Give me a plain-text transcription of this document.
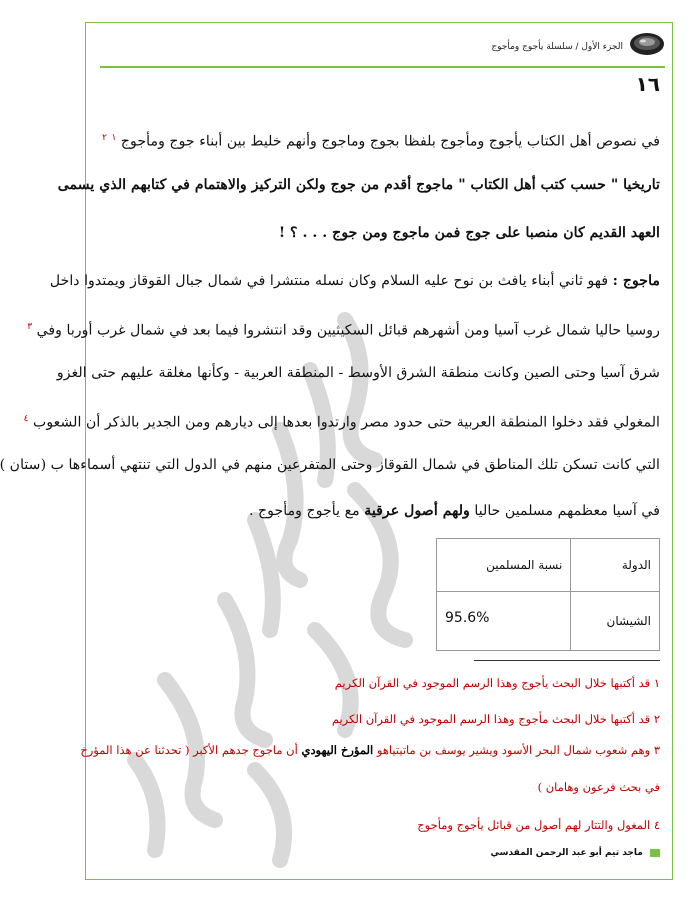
الجزء الأول / سلسلة يأجوج ومأجوج
١٦

في نصوص أهل الكتاب يأجوج ومأجوج بلفظا بجوج وماجوج وأنهم خليط بين أبناء جوج ومأجوج $^١$ $^٢$

تاريخيا " حسب كتب أهل الكتاب " ماجوج أقدم من جوج ولكن التركيز والاهتمام في كتابهم الذي يسمى

العهد القديم كان منصبا على جوج فمن ماجوج ومن جوج . . . ؟ !

ماجوج : فهو ثاني أبناء يافث بن نوح عليه السلام وكان نسله منتشرا في شمال جبال القوقاز ويمتدوا داخل

روسيا حاليا شمال غرب آسيا ومن أشهرهم قبائل السكيثيين وقد انتشروا فيما بعد في شمال غرب أوربا وفي $^٣$

شرق آسيا وحتى الصين وكانت منطقة الشرق الأوسط - المنطقة العربية - وكأنها مغلقة عليهم حتى الغزو

المغولي فقد دخلوا المنطقة العربية حتى حدود مصر وارتدوا بعدها إلى ديارهم ومن الجدير بالذكر أن الشعوب $^٤$

التي كانت تسكن تلك المناطق في شمال القوقاز وحتى المتفرعين منهم في الدول التي تنتهي أسماءها ب (ستان )

في آسيا معظمهم مسلمين حاليا ولهم أصول عرقية مع يأجوج ومأجوج .

الدولة	نسبة المسلمين
الشيشان	95.6%
١ قد أكتبها خلال البحث يأجوج وهذا الرسم الموجود في القرآن الكريم
٢ قد أكتبها خلال البحث مأجوج وهذا الرسم الموجود في القرآن الكريم
٣ وهم شعوب شمال البحر الأسود ويشير يوسف بن ماتيتياهو المؤرخ اليهودي أن ماجوج جدهم الأكبر ( تحدثنا عن هذا المؤرخ
في بحث فرعون وهامان )
٤ المغول والتتار لهم أصول من قبائل يأجوج ومأجوج
ماجد تيم أبو عبد الرحمن المقدسي
